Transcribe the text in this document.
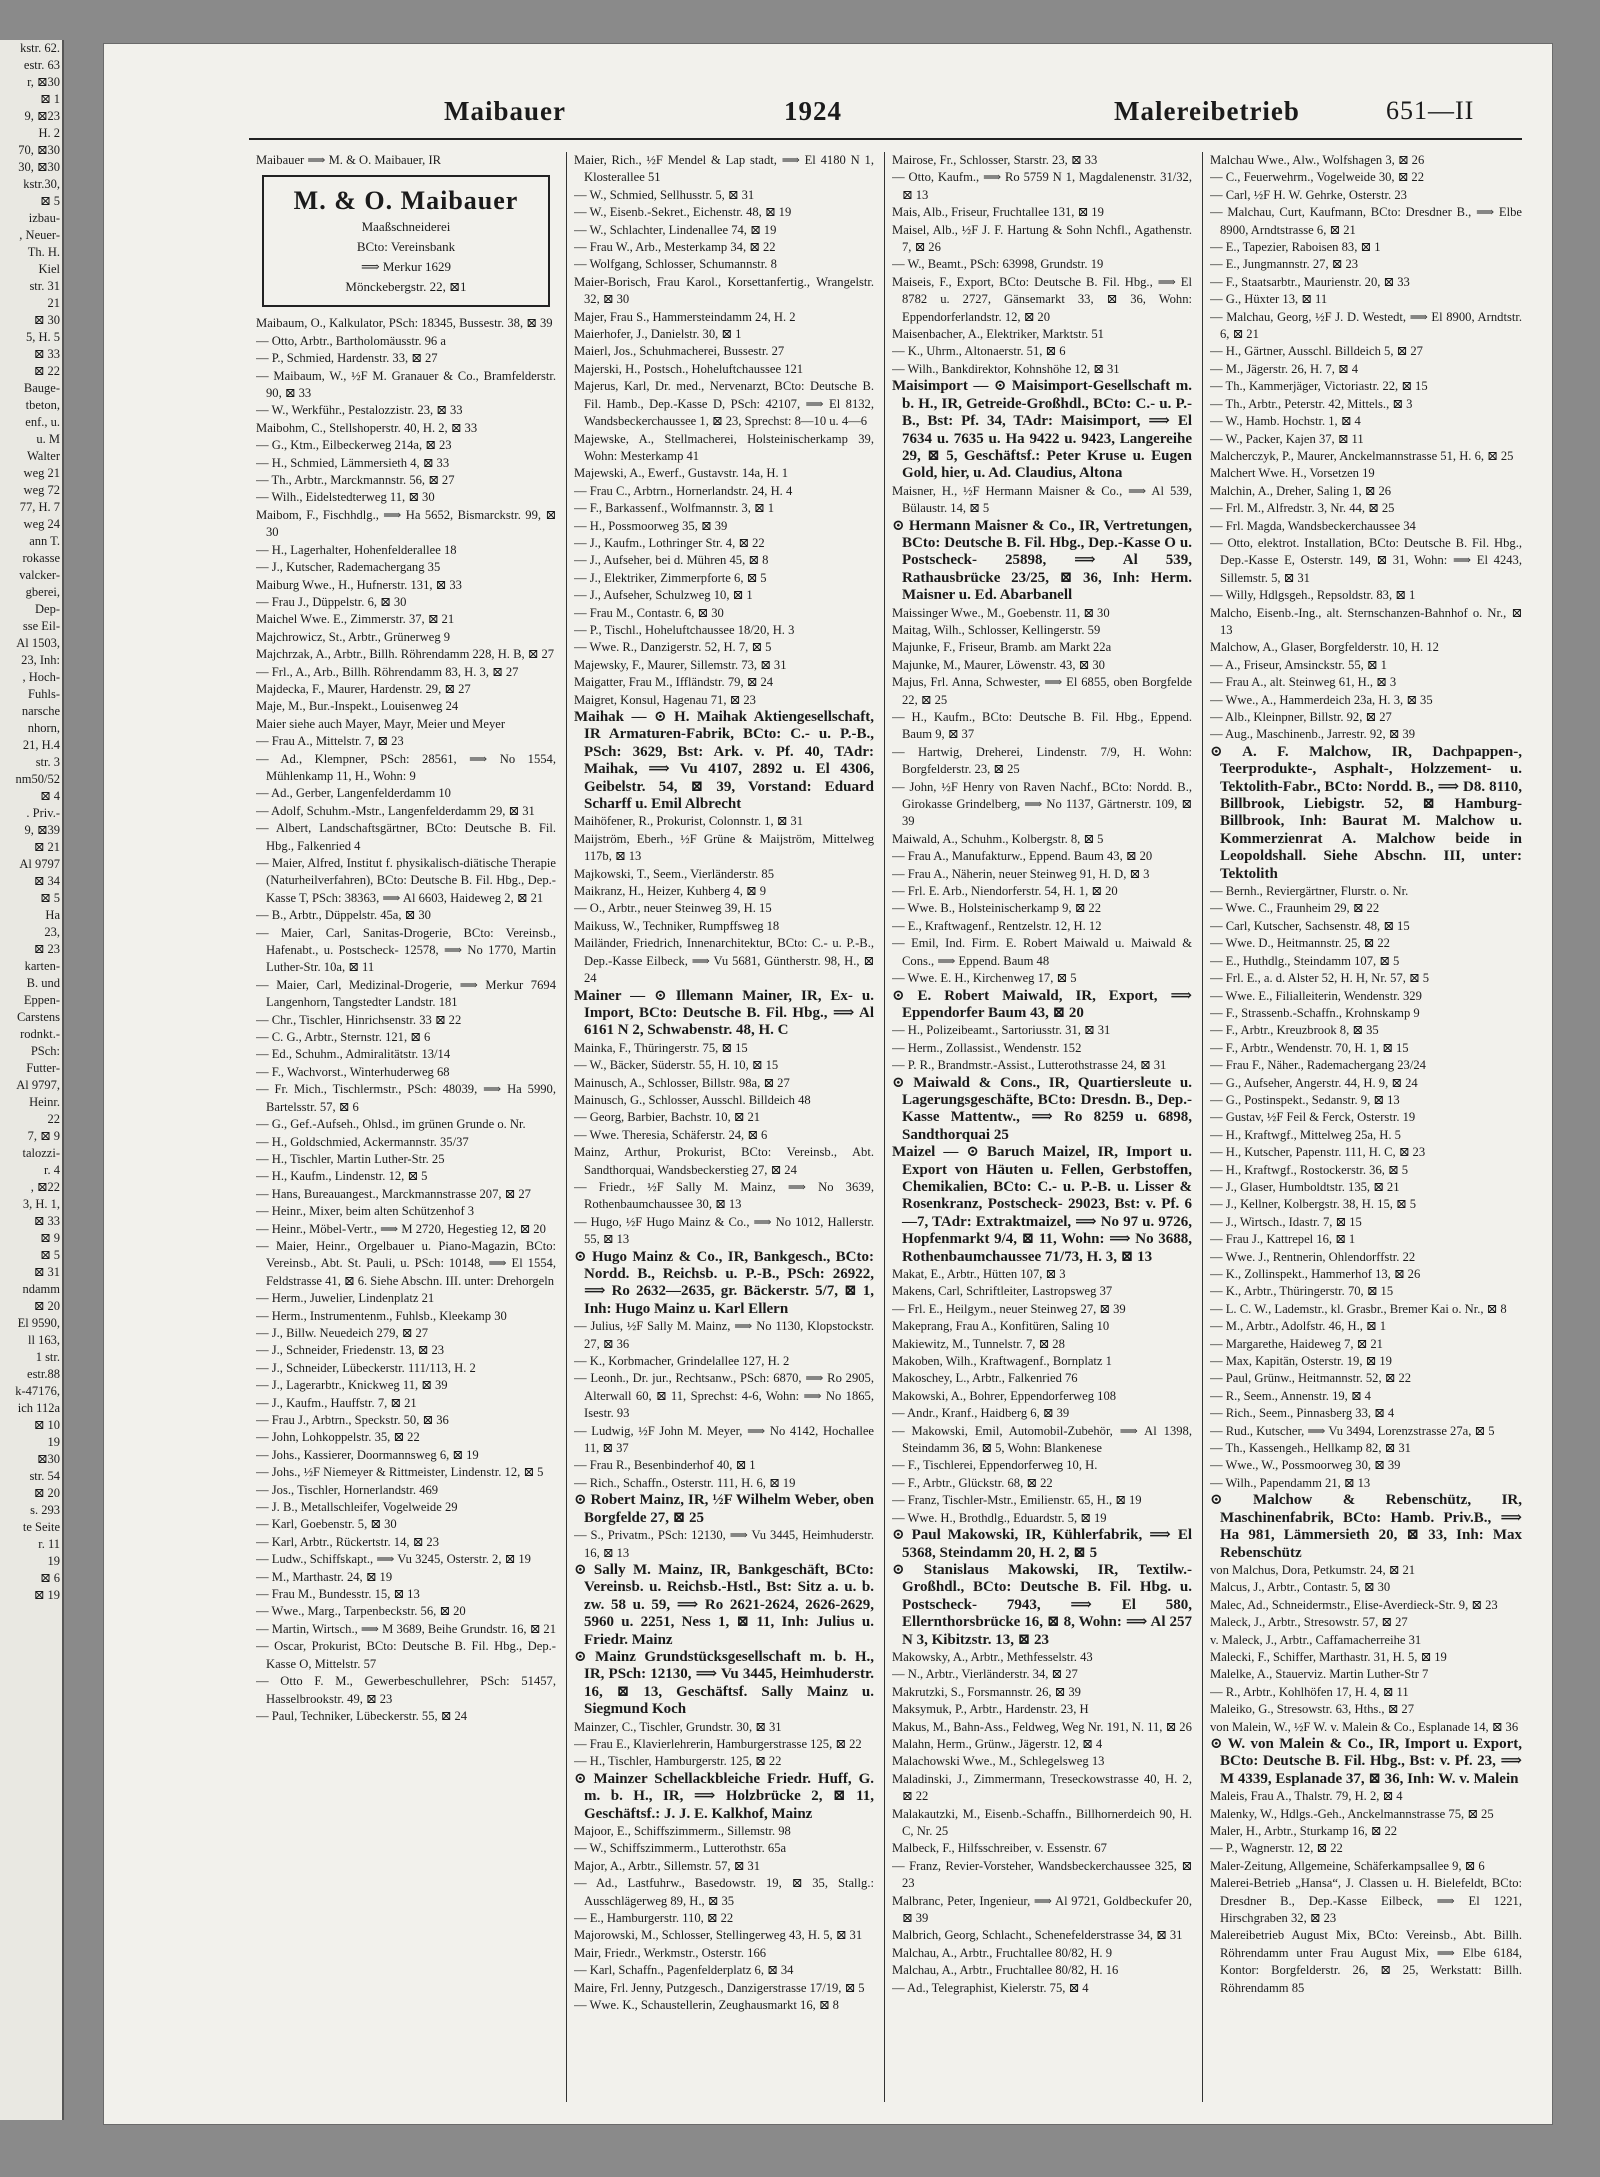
kstr. 62.
estr. 63
r, ⊠30
⊠ 1
9, ⊠23
H. 2
70, ⊠30
30, ⊠30
kstr.30,
⊠ 5
izbau-
, Neuer-
Th. H.
Kiel
str. 31
21
⊠ 30
5, H. 5
⊠ 33
⊠ 22
Bauge-
tbeton,
enf., u.
u. M
Walter
weg 21
weg 72
77, H. 7
weg 24
ann T.
rokasse
valcker-
gberei,
Dep-
sse Eil-
Al 1503,
23, Inh:
, Hoch-
Fuhls-
narsche
nhorn,
21, H.4
str. 3
nm50/52
⊠ 4
. Priv.-
9, ⊠39
⊠ 21
Al 9797
⊠ 34
⊠ 5
Ha
23,
⊠ 23
karten-
B. und
Eppen-
Carstens
rodnkt.-
PSch:
Futter-
Al 9797,
Heinr.
22
7, ⊠ 9
talozzi-
r. 4
, ⊠22
3, H. 1,
⊠ 33
⊠ 9
⊠ 5
⊠ 31
ndamm
⊠ 20
El 9590,
ll 163,
1 str.
estr.88
k-47176,
ich 112a
⊠ 10
19
⊠30
str. 54
⊠ 20
s. 293
te Seite
r. 11
19
⊠ 6
⊠ 19
Maibauer	1924	Malereibetrieb	651—II
Maibauer ⟹ M. & O. Maibauer, IR
M. & O. Maibauer
Maaßschneiderei
BCto: Vereinsbank
⟹ Merkur 1629
Mönckebergstr. 22, ⊠1
Maibaum, O., Kalkulator, PSch: 18345, Bussestr. 38, ⊠ 39
— Otto, Arbtr., Bartholomäusstr. 96 a
— P., Schmied, Hardenstr. 33, ⊠ 27
— Maibaum, W., ½F M. Granauer & Co., Bramfelderstr. 90, ⊠ 33
— W., Werkführ., Pestalozzistr. 23, ⊠ 33
Maibohm, C., Stellshoperstr. 40, H. 2, ⊠ 33
— G., Ktm., Eilbeckerweg 214a, ⊠ 23
— H., Schmied, Lämmersieth 4, ⊠ 33
— Th., Arbtr., Marckmannstr. 56, ⊠ 27
— Wilh., Eidelstedterweg 11, ⊠ 30
Maibom, F., Fischhdlg., ⟹ Ha 5652, Bismarckstr. 99, ⊠ 30
— H., Lagerhalter, Hohenfelderallee 18
— J., Kutscher, Rademachergang 35
Maiburg Wwe., H., Hufnerstr. 131, ⊠ 33
— Frau J., Düppelstr. 6, ⊠ 30
Maichel Wwe. E., Zimmerstr. 37, ⊠ 21
Majchrowicz, St., Arbtr., Grünerweg 9
Majchrzak, A., Arbtr., Billh. Röhrendamm 228, H. B, ⊠ 27
— Frl., A., Arb., Billh. Röhrendamm 83, H. 3, ⊠ 27
Majdecka, F., Maurer, Hardenstr. 29, ⊠ 27
Maje, M., Bur.-Inspekt., Louisenweg 24
Maier siehe auch Mayer, Mayr, Meier und Meyer
— Frau A., Mittelstr. 7, ⊠ 23
— Ad., Klempner, PSch: 28561, ⟹ No 1554, Mühlenkamp 11, H., Wohn: 9
— Ad., Gerber, Langenfelderdamm 10
— Adolf, Schuhm.-Mstr., Langenfelderdamm 29, ⊠ 31
— Albert, Landschaftsgärtner, BCto: Deutsche B. Fil. Hbg., Falkenried 4
— Maier, Alfred, Institut f. physikalisch-diätische Therapie (Naturheilverfahren), BCto: Deutsche B. Fil. Hbg., Dep.-Kasse T, PSch: 38363, ⟹ Al 6603, Haideweg 2, ⊠ 21
— B., Arbtr., Düppelstr. 45a, ⊠ 30
— Maier, Carl, Sanitas-Drogerie, BCto: Vereinsb., Hafenabt., u. Postscheck- 12578, ⟹ No 1770, Martin Luther-Str. 10a, ⊠ 11
— Maier, Carl, Medizinal-Drogerie, ⟹ Merkur 7694 Langenhorn, Tangstedter Landstr. 181
— Chr., Tischler, Hinrichsenstr. 33 ⊠ 22
— C. G., Arbtr., Sternstr. 121, ⊠ 6
— Ed., Schuhm., Admiralitätstr. 13/14
— F., Wachvorst., Winterhuderweg 68
— Fr. Mich., Tischlermstr., PSch: 48039, ⟹ Ha 5990, Bartelsstr. 57, ⊠ 6
— G., Gef.-Aufseh., Ohlsd., im grünen Grunde o. Nr.
— H., Goldschmied, Ackermannstr. 35/37
— H., Tischler, Martin Luther-Str. 25
— H., Kaufm., Lindenstr. 12, ⊠ 5
— Hans, Bureauangest., Marckmannstrasse 207, ⊠ 27
— Heinr., Mixer, beim alten Schützenhof 3
— Heinr., Möbel-Vertr., ⟹ M 2720, Hegestieg 12, ⊠ 20
— Maier, Heinr., Orgelbauer u. Piano-Magazin, BCto: Vereinsb., Abt. St. Pauli, u. PSch: 10148, ⟹ El 1554, Feldstrasse 41, ⊠ 6. Siehe Abschn. III. unter: Drehorgeln
— Herm., Juwelier, Lindenplatz 21
— Herm., Instrumentenm., Fuhlsb., Kleekamp 30
— J., Billw. Neuedeich 279, ⊠ 27
— J., Schneider, Friedenstr. 13, ⊠ 23
— J., Schneider, Lübeckerstr. 111/113, H. 2
— J., Lagerarbtr., Knickweg 11, ⊠ 39
— J., Kaufm., Hauffstr. 7, ⊠ 21
— Frau J., Arbtrn., Speckstr. 50, ⊠ 36
— John, Lohkoppelstr. 35, ⊠ 22
— Johs., Kassierer, Doormannsweg 6, ⊠ 19
— Johs., ½F Niemeyer & Rittmeister, Lindenstr. 12, ⊠ 5
— Jos., Tischler, Hornerlandstr. 469
— J. B., Metallschleifer, Vogelweide 29
— Karl, Goebenstr. 5, ⊠ 30
— Karl, Arbtr., Rückertstr. 14, ⊠ 23
— Ludw., Schiffskapt., ⟹ Vu 3245, Osterstr. 2, ⊠ 19
— M., Marthastr. 24, ⊠ 19
— Frau M., Bundesstr. 15, ⊠ 13
— Wwe., Marg., Tarpenbeckstr. 56, ⊠ 20
— Martin, Wirtsch., ⟹ M 3689, Beihe Grundstr. 16, ⊠ 21
— Oscar, Prokurist, BCto: Deutsche B. Fil. Hbg., Dep.-Kasse O, Mittelstr. 57
— Otto F. M., Gewerbeschullehrer, PSch: 51457, Hasselbrookstr. 49, ⊠ 23
— Paul, Techniker, Lübeckerstr. 55, ⊠ 24
Maier, Rich., ½F Mendel & Lap stadt, ⟹ El 4180 N 1, Klosterallee 51
— W., Schmied, Sellhusstr. 5, ⊠ 31
— W., Eisenb.-Sekret., Eichenstr. 48, ⊠ 19
— W., Schlachter, Lindenallee 74, ⊠ 19
— Frau W., Arb., Mesterkamp 34, ⊠ 22
— Wolfgang, Schlosser, Schumannstr. 8
Maier-Borisch, Frau Karol., Korsettanfertig., Wrangelstr. 32, ⊠ 30
Majer, Frau S., Hammersteindamm 24, H. 2
Maierhofer, J., Danielstr. 30, ⊠ 1
Maierl, Jos., Schuhmacherei, Bussestr. 27
Majerski, H., Postsch., Hoheluftchaussee 121
Majerus, Karl, Dr. med., Nervenarzt, BCto: Deutsche B. Fil. Hamb., Dep.-Kasse D, PSch: 42107, ⟹ El 8132, Wandsbeckerchaussee 1, ⊠ 23, Sprechst: 8—10 u. 4—6
Majewske, A., Stellmacherei, Holsteinischerkamp 39, Wohn: Mesterkamp 41
Majewski, A., Ewerf., Gustavstr. 14a, H. 1
— Frau C., Arbtrn., Hornerlandstr. 24, H. 4
— F., Barkassenf., Wolfmannstr. 3, ⊠ 1
— H., Possmoorweg 35, ⊠ 39
— J., Kaufm., Lothringer Str. 4, ⊠ 22
— J., Aufseher, bei d. Mühren 45, ⊠ 8
— J., Elektriker, Zimmerpforte 6, ⊠ 5
— J., Aufseher, Schulzweg 10, ⊠ 1
— Frau M., Contastr. 6, ⊠ 30
— P., Tischl., Hoheluftchaussee 18/20, H. 3
— Wwe. R., Danzigerstr. 52, H. 7, ⊠ 5
Majewsky, F., Maurer, Sillemstr. 73, ⊠ 31
Maigatter, Frau M., Iffländstr. 79, ⊠ 24
Maigret, Konsul, Hagenau 71, ⊠ 23
Maihak — ⊙ H. Maihak Aktiengesellschaft, IR Armaturen-Fabrik, BCto: C.- u. P.-B., PSch: 3629, Bst: Ark. v. Pf. 40, TAdr: Maihak, ⟹ Vu 4107, 2892 u. El 4306, Geibelstr. 54, ⊠ 39, Vorstand: Eduard Scharff u. Emil Albrecht
Maihöfener, R., Prokurist, Colonnstr. 1, ⊠ 31
Maijström, Eberh., ½F Grüne & Maijström, Mittelweg 117b, ⊠ 13
Majkowski, T., Seem., Vierländerstr. 85
Maikranz, H., Heizer, Kuhberg 4, ⊠ 9
— O., Arbtr., neuer Steinweg 39, H. 15
Maikuss, W., Techniker, Rumpffsweg 18
Mailänder, Friedrich, Innenarchitektur, BCto: C.- u. P.-B., Dep.-Kasse Eilbeck, ⟹ Vu 5681, Güntherstr. 98, H., ⊠ 24
Mainer — ⊙ Illemann Mainer, IR, Ex- u. Import, BCto: Deutsche B. Fil. Hbg., ⟹ Al 6161 N 2, Schwabenstr. 48, H. C
Mainka, F., Thüringerstr. 75, ⊠ 15
— W., Bäcker, Süderstr. 55, H. 10, ⊠ 15
Mainusch, A., Schlosser, Billstr. 98a, ⊠ 27
Mainusch, G., Schlosser, Ausschl. Billdeich 48
— Georg, Barbier, Bachstr. 10, ⊠ 21
— Wwe. Theresia, Schäferstr. 24, ⊠ 6
Mainz, Arthur, Prokurist, BCto: Vereinsb., Abt. Sandthorquai, Wandsbeckerstieg 27, ⊠ 24
— Friedr., ½F Sally M. Mainz, ⟹ No 3639, Rothenbaumchaussee 30, ⊠ 13
— Hugo, ½F Hugo Mainz & Co., ⟹ No 1012, Hallerstr. 55, ⊠ 13
⊙ Hugo Mainz & Co., IR, Bankgesch., BCto: Nordd. B., Reichsb. u. P.-B., PSch: 26922, ⟹ Ro 2632—2635, gr. Bäckerstr. 5/7, ⊠ 1, Inh: Hugo Mainz u. Karl Ellern
— Julius, ½F Sally M. Mainz, ⟹ No 1130, Klopstockstr. 27, ⊠ 36
— K., Korbmacher, Grindelallee 127, H. 2
— Leonh., Dr. jur., Rechtsanw., PSch: 6870, ⟹ Ro 2905, Alterwall 60, ⊠ 11, Sprechst: 4-6, Wohn: ⟹ No 1865, Isestr. 93
— Ludwig, ½F John M. Meyer, ⟹ No 4142, Hochallee 11, ⊠ 37
— Frau R., Besenbinderhof 40, ⊠ 1
— Rich., Schaffn., Osterstr. 111, H. 6, ⊠ 19
⊙ Robert Mainz, IR, ½F Wilhelm Weber, oben Borgfelde 27, ⊠ 25
— S., Privatm., PSch: 12130, ⟹ Vu 3445, Heimhuderstr. 16, ⊠ 13
⊙ Sally M. Mainz, IR, Bankgeschäft, BCto: Vereinsb. u. Reichsb.-Hstl., Bst: Sitz a. u. b. zw. 58 u. 59, ⟹ Ro 2621-2624, 2626-2629, 5960 u. 2251, Ness 1, ⊠ 11, Inh: Julius u. Friedr. Mainz
⊙ Mainz Grundstücksgesellschaft m. b. H., IR, PSch: 12130, ⟹ Vu 3445, Heimhuderstr. 16, ⊠ 13, Geschäftsf. Sally Mainz u. Siegmund Koch
Mainzer, C., Tischler, Grundstr. 30, ⊠ 31
— Frau E., Klavierlehrerin, Hamburgerstrasse 125, ⊠ 22
— H., Tischler, Hamburgerstr. 125, ⊠ 22
⊙ Mainzer Schellackbleiche Friedr. Huff, G. m. b. H., IR, ⟹ Holzbrücke 2, ⊠ 11, Geschäftsf.: J. J. E. Kalkhof, Mainz
Majoor, E., Schiffszimmerm., Sillemstr. 98
— W., Schiffszimmerm., Lutterothstr. 65a
Major, A., Arbtr., Sillemstr. 57, ⊠ 31
— Ad., Lastfuhrw., Basedowstr. 19, ⊠ 35, Stallg.: Ausschlägerweg 89, H., ⊠ 35
— E., Hamburgerstr. 110, ⊠ 22
Majorowski, M., Schlosser, Stellingerweg 43, H. 5, ⊠ 31
Mair, Friedr., Werkmstr., Osterstr. 166
— Karl, Schaffn., Pagenfelderplatz 6, ⊠ 34
Maire, Frl. Jenny, Putzgesch., Danzigerstrasse 17/19, ⊠ 5
— Wwe. K., Schaustellerin, Zeughausmarkt 16, ⊠ 8
Mairose, Fr., Schlosser, Starstr. 23, ⊠ 33
— Otto, Kaufm., ⟹ Ro 5759 N 1, Magdalenenstr. 31/32, ⊠ 13
Mais, Alb., Friseur, Fruchtallee 131, ⊠ 19
Maisel, Alb., ½F J. F. Hartung & Sohn Nchfl., Agathenstr. 7, ⊠ 26
— W., Beamt., PSch: 63998, Grundstr. 19
Maiseis, F., Export, BCto: Deutsche B. Fil. Hbg., ⟹ El 8782 u. 2727, Gänsemarkt 33, ⊠ 36, Wohn: Eppendorferlandstr. 12, ⊠ 20
Maisenbacher, A., Elektriker, Marktstr. 51
— K., Uhrm., Altonaerstr. 51, ⊠ 6
— Wilh., Bankdirektor, Kohnshöhe 12, ⊠ 31
Maisimport — ⊙ Maisimport-Gesellschaft m. b. H., IR, Getreide-Großhdl., BCto: C.- u. P.-B., Bst: Pf. 34, TAdr: Maisimport, ⟹ El 7634 u. 7635 u. Ha 9422 u. 9423, Langereihe 29, ⊠ 5, Geschäftsf.: Peter Kruse u. Eugen Gold, hier, u. Ad. Claudius, Altona
Maisner, H., ½F Hermann Maisner & Co., ⟹ Al 539, Bülaustr. 14, ⊠ 5
⊙ Hermann Maisner & Co., IR, Vertretungen, BCto: Deutsche B. Fil. Hbg., Dep.-Kasse O u. Postscheck- 25898, ⟹ Al 539, Rathausbrücke 23/25, ⊠ 36, Inh: Herm. Maisner u. Ed. Abarbanell
Maissinger Wwe., M., Goebenstr. 11, ⊠ 30
Maitag, Wilh., Schlosser, Kellingerstr. 59
Majunke, F., Friseur, Bramb. am Markt 22a
Majunke, M., Maurer, Löwenstr. 43, ⊠ 30
Majus, Frl. Anna, Schwester, ⟹ El 6855, oben Borgfelde 22, ⊠ 25
— H., Kaufm., BCto: Deutsche B. Fil. Hbg., Eppend. Baum 9, ⊠ 37
— Hartwig, Dreherei, Lindenstr. 7/9, H. Wohn: Borgfelderstr. 23, ⊠ 25
— John, ½F Henry von Raven Nachf., BCto: Nordd. B., Girokasse Grindelberg, ⟹ No 1137, Gärtnerstr. 109, ⊠ 39
Maiwald, A., Schuhm., Kolbergstr. 8, ⊠ 5
— Frau A., Manufakturw., Eppend. Baum 43, ⊠ 20
— Frau A., Näherin, neuer Steinweg 91, H. D, ⊠ 3
— Frl. E. Arb., Niendorferstr. 54, H. 1, ⊠ 20
— Wwe. B., Holsteinischerkamp 9, ⊠ 22
— E., Kraftwagenf., Rentzelstr. 12, H. 12
— Emil, Ind. Firm. E. Robert Maiwald u. Maiwald & Cons., ⟹ Eppend. Baum 48
— Wwe. E. H., Kirchenweg 17, ⊠ 5
⊙ E. Robert Maiwald, IR, Export, ⟹ Eppendorfer Baum 43, ⊠ 20
— H., Polizeibeamt., Sartoriusstr. 31, ⊠ 31
— Herm., Zollassist., Wendenstr. 152
— P. R., Brandmstr.-Assist., Lutterothstrasse 24, ⊠ 31
⊙ Maiwald & Cons., IR, Quartiersleute u. Lagerungsgeschäfte, BCto: Dresdn. B., Dep.-Kasse Mattentw., ⟹ Ro 8259 u. 6898, Sandthorquai 25
Maizel — ⊙ Baruch Maizel, IR, Import u. Export von Häuten u. Fellen, Gerbstoffen, Chemikalien, BCto: C.- u. P.-B. u. Lisser & Rosenkranz, Postscheck- 29023, Bst: v. Pf. 6—7, TAdr: Extraktmaizel, ⟹ No 97 u. 9726, Hopfenmarkt 9/4, ⊠ 11, Wohn: ⟹ No 3688, Rothenbaumchaussee 71/73, H. 3, ⊠ 13
Makat, E., Arbtr., Hütten 107, ⊠ 3
Makens, Carl, Schriftleiter, Lastropsweg 37
— Frl. E., Heilgym., neuer Steinweg 27, ⊠ 39
Makeprang, Frau A., Konfitüren, Saling 10
Makiewitz, M., Tunnelstr. 7, ⊠ 28
Makoben, Wilh., Kraftwagenf., Bornplatz 1
Makoschey, L., Arbtr., Falkenried 76
Makowski, A., Bohrer, Eppendorferweg 108
— Andr., Kranf., Haidberg 6, ⊠ 39
— Makowski, Emil, Automobil-Zubehör, ⟹ Al 1398, Steindamm 36, ⊠ 5, Wohn: Blankenese
— F., Tischlerei, Eppendorferweg 10, H.
— F., Arbtr., Glückstr. 68, ⊠ 22
— Franz, Tischler-Mstr., Emilienstr. 65, H., ⊠ 19
— Wwe. H., Brothdlg., Eduardstr. 5, ⊠ 19
⊙ Paul Makowski, IR, Kühlerfabrik, ⟹ El 5368, Steindamm 20, H. 2, ⊠ 5
⊙ Stanislaus Makowski, IR, Textilw.-Großhdl., BCto: Deutsche B. Fil. Hbg. u. Postscheck- 7943, ⟹ El 580, Ellernthorsbrücke 16, ⊠ 8, Wohn: ⟹ Al 257 N 3, Kibitzstr. 13, ⊠ 23
Makowsky, A., Arbtr., Methfesselstr. 43
— N., Arbtr., Vierländerstr. 34, ⊠ 27
Makrutzki, S., Forsmannstr. 26, ⊠ 39
Maksymuk, P., Arbtr., Hardenstr. 23, H
Makus, M., Bahn-Ass., Feldweg, Weg Nr. 191, N. 11, ⊠ 26
Malahn, Herm., Grünw., Jägerstr. 12, ⊠ 4
Malachowski Wwe., M., Schlegelsweg 13
Maladinski, J., Zimmermann, Treseckowstrasse 40, H. 2, ⊠ 22
Malakautzki, M., Eisenb.-Schaffn., Billhornerdeich 90, H. C, Nr. 25
Malbeck, F., Hilfsschreiber, v. Essenstr. 67
— Franz, Revier-Vorsteher, Wandsbeckerchaussee 325, ⊠ 23
Malbranc, Peter, Ingenieur, ⟹ Al 9721, Goldbeckufer 20, ⊠ 39
Malbrich, Georg, Schlacht., Schenefelderstrasse 34, ⊠ 31
Malchau, A., Arbtr., Fruchtallee 80/82, H. 9
Malchau, A., Arbtr., Fruchtallee 80/82, H. 16
— Ad., Telegraphist, Kielerstr. 75, ⊠ 4
Malchau Wwe., Alw., Wolfshagen 3, ⊠ 26
— C., Feuerwehrm., Vogelweide 30, ⊠ 22
— Carl, ½F H. W. Gehrke, Osterstr. 23
— Malchau, Curt, Kaufmann, BCto: Dresdner B., ⟹ Elbe 8900, Arndtstrasse 6, ⊠ 21
— E., Tapezier, Raboisen 83, ⊠ 1
— E., Jungmannstr. 27, ⊠ 23
— F., Staatsarbtr., Maurienstr. 20, ⊠ 33
— G., Hüxter 13, ⊠ 11
— Malchau, Georg, ½F J. D. Westedt, ⟹ El 8900, Arndtstr. 6, ⊠ 21
— H., Gärtner, Ausschl. Billdeich 5, ⊠ 27
— M., Jägerstr. 26, H. 7, ⊠ 4
— Th., Kammerjäger, Victoriastr. 22, ⊠ 15
— Th., Arbtr., Peterstr. 42, Mittels., ⊠ 3
— W., Hamb. Hochstr. 1, ⊠ 4
— W., Packer, Kajen 37, ⊠ 11
Malcherczyk, P., Maurer, Anckelmannstrasse 51, H. 6, ⊠ 25
Malchert Wwe. H., Vorsetzen 19
Malchin, A., Dreher, Saling 1, ⊠ 26
— Frl. M., Alfredstr. 3, Nr. 44, ⊠ 25
— Frl. Magda, Wandsbeckerchaussee 34
— Otto, elektrot. Installation, BCto: Deutsche B. Fil. Hbg., Dep.-Kasse E, Osterstr. 149, ⊠ 31, Wohn: ⟹ El 4243, Sillemstr. 5, ⊠ 31
— Willy, Hdlgsgeh., Repsoldstr. 83, ⊠ 1
Malcho, Eisenb.-Ing., alt. Sternschanzen-Bahnhof o. Nr., ⊠ 13
Malchow, A., Glaser, Borgfelderstr. 10, H. 12
— A., Friseur, Amsinckstr. 55, ⊠ 1
— Frau A., alt. Steinweg 61, H., ⊠ 3
— Wwe., A., Hammerdeich 23a, H. 3, ⊠ 35
— Alb., Kleinpner, Billstr. 92, ⊠ 27
— Aug., Maschinenb., Jarrestr. 92, ⊠ 39
⊙ A. F. Malchow, IR, Dachpappen-, Teerprodukte-, Asphalt-, Holzzement- u. Tektolith-Fabr., BCto: Nordd. B., ⟹ D8. 8110, Billbrook, Liebigstr. 52, ⊠ Hamburg-Billbrook, Inh: Baurat M. Malchow u. Kommerzienrat A. Malchow beide in Leopoldshall. Siehe Abschn. III, unter: Tektolith
— Bernh., Reviergärtner, Flurstr. o. Nr.
— Wwe. C., Fraunheim 29, ⊠ 22
— Carl, Kutscher, Sachsenstr. 48, ⊠ 15
— Wwe. D., Heitmannstr. 25, ⊠ 22
— E., Huthdlg., Steindamm 107, ⊠ 5
— Frl. E., a. d. Alster 52, H. H, Nr. 57, ⊠ 5
— Wwe. E., Filialleiterin, Wendenstr. 329
— F., Strassenb.-Schaffn., Krohnskamp 9
— F., Arbtr., Kreuzbrook 8, ⊠ 35
— F., Arbtr., Wendenstr. 70, H. 1, ⊠ 15
— Frau F., Näher., Rademachergang 23/24
— G., Aufseher, Angerstr. 44, H. 9, ⊠ 24
— G., Postinspekt., Sedanstr. 9, ⊠ 13
— Gustav, ½F Feil & Ferck, Osterstr. 19
— H., Kraftwgf., Mittelweg 25a, H. 5
— H., Kutscher, Papenstr. 111, H. C, ⊠ 23
— H., Kraftwgf., Rostockerstr. 36, ⊠ 5
— J., Glaser, Humboldtstr. 135, ⊠ 21
— J., Kellner, Kolbergstr. 38, H. 15, ⊠ 5
— J., Wirtsch., Idastr. 7, ⊠ 15
— Frau J., Kattrepel 16, ⊠ 1
— Wwe. J., Rentnerin, Ohlendorffstr. 22
— K., Zollinspekt., Hammerhof 13, ⊠ 26
— K., Arbtr., Thüringerstr. 70, ⊠ 15
— L. C. W., Lademstr., kl. Grasbr., Bremer Kai o. Nr., ⊠ 8
— M., Arbtr., Adolfstr. 46, H., ⊠ 1
— Margarethe, Haideweg 7, ⊠ 21
— Max, Kapitän, Osterstr. 19, ⊠ 19
— Paul, Grünw., Heitmannstr. 52, ⊠ 22
— R., Seem., Annenstr. 19, ⊠ 4
— Rich., Seem., Pinnasberg 33, ⊠ 4
— Rud., Kutscher, ⟹ Vu 3494, Lorenzstrasse 27a, ⊠ 5
— Th., Kassengeh., Hellkamp 82, ⊠ 31
— Wwe., W., Possmoorweg 30, ⊠ 39
— Wilh., Papendamm 21, ⊠ 13
⊙ Malchow & Rebenschütz, IR, Maschinenfabrik, BCto: Hamb. Priv.B., ⟹ Ha 981, Lämmersieth 20, ⊠ 33, Inh: Max Rebenschütz
von Malchus, Dora, Petkumstr. 24, ⊠ 21
Malcus, J., Arbtr., Contastr. 5, ⊠ 30
Malec, Ad., Schneidermstr., Elise-Averdieck-Str. 9, ⊠ 23
Maleck, J., Arbtr., Stresowstr. 57, ⊠ 27
v. Maleck, J., Arbtr., Caffamacherreihe 31
Malecki, F., Schiffer, Marthastr. 31, H. 5, ⊠ 19
Malelke, A., Stauerviz. Martin Luther-Str 7
— R., Arbtr., Kohlhöfen 17, H. 4, ⊠ 11
Maleiko, G., Stresowstr. 63, Hths., ⊠ 27
von Malein, W., ½F W. v. Malein & Co., Esplanade 14, ⊠ 36
⊙ W. von Malein & Co., IR, Import u. Export, BCto: Deutsche B. Fil. Hbg., Bst: v. Pf. 23, ⟹ M 4339, Esplanade 37, ⊠ 36, Inh: W. v. Malein
Maleis, Frau A., Thalstr. 79, H. 2, ⊠ 4
Malenky, W., Hdlgs.-Geh., Anckelmannstrasse 75, ⊠ 25
Maler, H., Arbtr., Sturkamp 16, ⊠ 22
— P., Wagnerstr. 12, ⊠ 22
Maler-Zeitung, Allgemeine, Schäferkampsallee 9, ⊠ 6
Malerei-Betrieb „Hansa“, J. Classen u. H. Bielefeldt, BCto: Dresdner B., Dep.-Kasse Eilbeck, ⟹ El 1221, Hirschgraben 32, ⊠ 23
Malereibetrieb August Mix, BCto: Vereinsb., Abt. Billh. Röhrendamm unter Frau August Mix, ⟹ Elbe 6184, Kontor: Borgfelderstr. 26, ⊠ 25, Werkstatt: Billh. Röhrendamm 85
